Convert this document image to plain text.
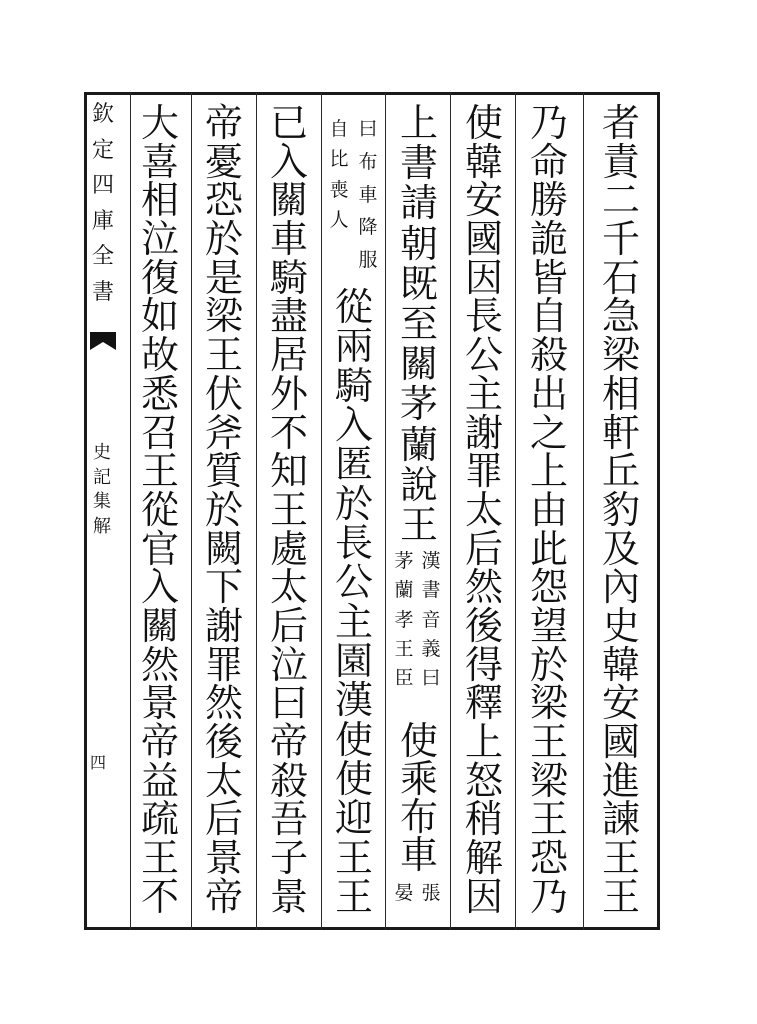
欽
定
四
庫
全
書
史
記
集
解
四
者
責
二
千
石
急
梁
相
軒
丘
豹
及
內
史
韓
安
國
進
諫
王
王
乃
命
勝
詭
皆
自
殺
出
之
上
由
此
怨
望
於
梁
王
梁
王
恐
乃
使
韓
安
國
因
長
公
主
謝
罪
太
后
然
後
得
釋
上
怒
稍
解
因
上
書
請
朝
既
至
關
茅
蘭
說
王
漢
書
音
義
曰
茅
蘭
孝
王
臣
使
乘
布
車
張
晏
曰
布
車
降
服
自
比
喪
人
從
兩
騎
入
匿
於
長
公
主
園
漢
使
使
迎
王
王
已
入
關
車
騎
盡
居
外
不
知
王
處
太
后
泣
曰
帝
殺
吾
子
景
帝
憂
恐
於
是
梁
王
伏
斧
質
於
闕
下
謝
罪
然
後
太
后
景
帝
大
喜
相
泣
復
如
故
悉
召
王
從
官
入
關
然
景
帝
益
疏
王
不
